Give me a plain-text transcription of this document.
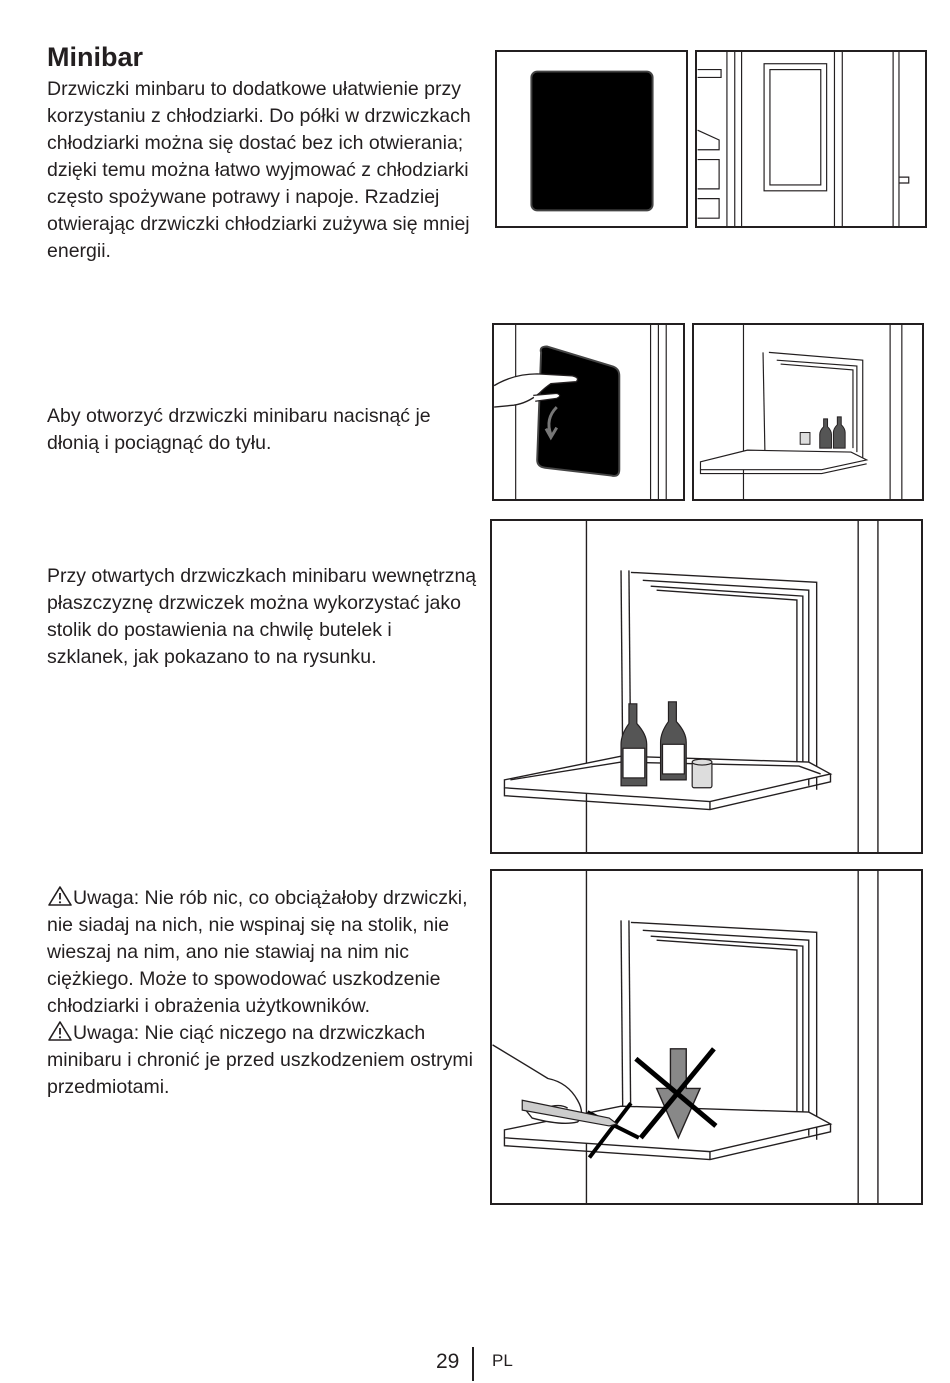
Minibar

Drzwiczki minbaru to dodatkowe ułatwienie przy korzystaniu z chłodziarki. Do półki w drzwiczkach chłodziarki można się dostać bez ich otwierania; dzięki temu można łatwo wyjmować z chłodziarki często spożywane potrawy i napoje. Rzadziej otwierając drzwiczki chłodziarki zużywa się mniej energii.

Aby otworzyć drzwiczki minibaru nacisnąć je dłonią i pociągnąć do tyłu.

Przy otwartych drzwiczkach minibaru wewnętrzną płaszczyznę drzwiczek można wykorzystać jako stolik do postawienia na chwilę butelek i szklanek, jak pokazano to na rysunku.

Uwaga: Nie rób nic, co obciążałoby drzwiczki, nie siadaj na nich, nie wspinaj się na stolik, nie wieszaj na nim, ano nie stawiaj na nim nic ciężkiego. Może to spowodować uszkodzenie chłodziarki i obrażenia użytkowników.
Uwaga: Nie ciąć niczego na drzwiczkach minibaru i chronić je przed uszkodzeniem ostrymi przedmiotami.
29 PL
